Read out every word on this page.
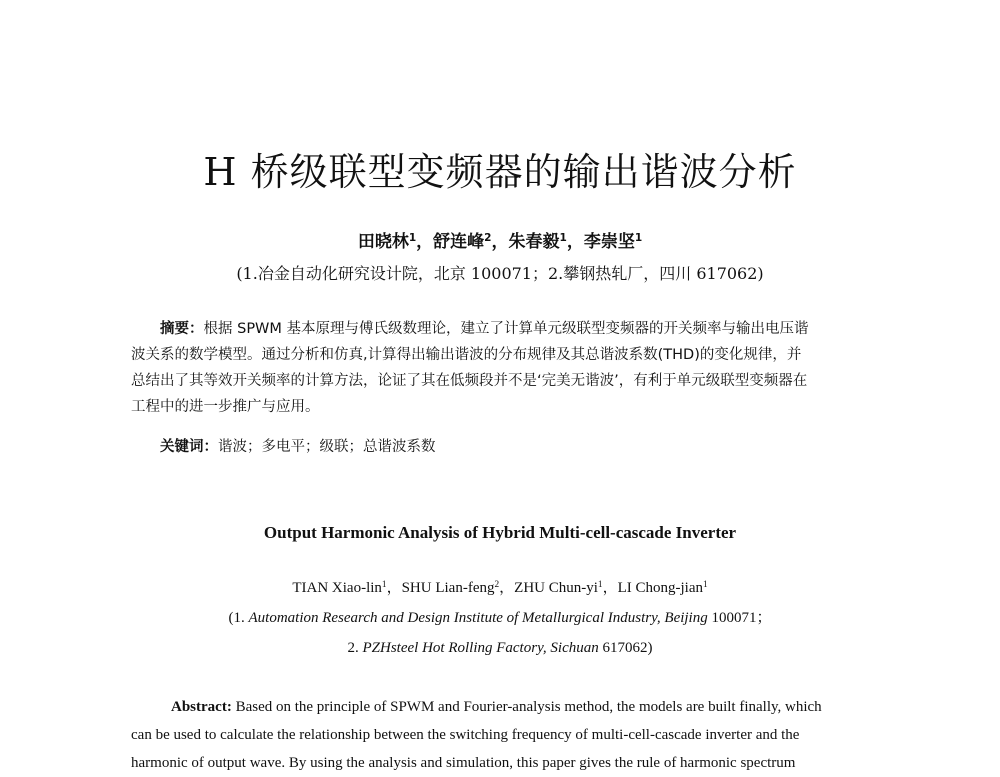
H 桥级联型变频器的输出谐波分析
田晓林$^1$，舒连峰$^2$，朱春毅$^1$，李崇坚$^1$
(1.冶金自动化研究设计院，北京 100071；2.攀钢热轧厂，四川 617062)
摘要：根据 SPWM 基本原理与傅氏级数理论，建立了计算单元级联型变频器的开关频率与输出电压谐
波关系的数学模型。通过分析和仿真,计算得出输出谐波的分布规律及其总谐波系数(THD)的变化规律，并
总结出了其等效开关频率的计算方法，论证了其在低频段并不是‘完美无谐波’，有利于单元级联型变频器在
工程中的进一步推广与应用。
关键词：谐波；多电平；级联；总谐波系数
Output Harmonic Analysis of Hybrid Multi-cell-cascade Inverter
TIAN Xiao-lin$^1$，SHU Lian-feng$^2$，ZHU Chun-$yi^1$，LI Chong-jian$^1$
(1. Automation Research and Design Institute of Metallurgical Industry, Beijing 100071；
2. PZHsteel Hot Rolling Factory, Sichuan 617062)
Abstract: Based on the principle of SPWM and Fourier-analysis method, the models are built finally, which
can be used to calculate the relationship between the switching frequency of multi-cell-cascade inverter and the
harmonic of output wave. By using the analysis and simulation, this paper gives the rule of harmonic spectrum
